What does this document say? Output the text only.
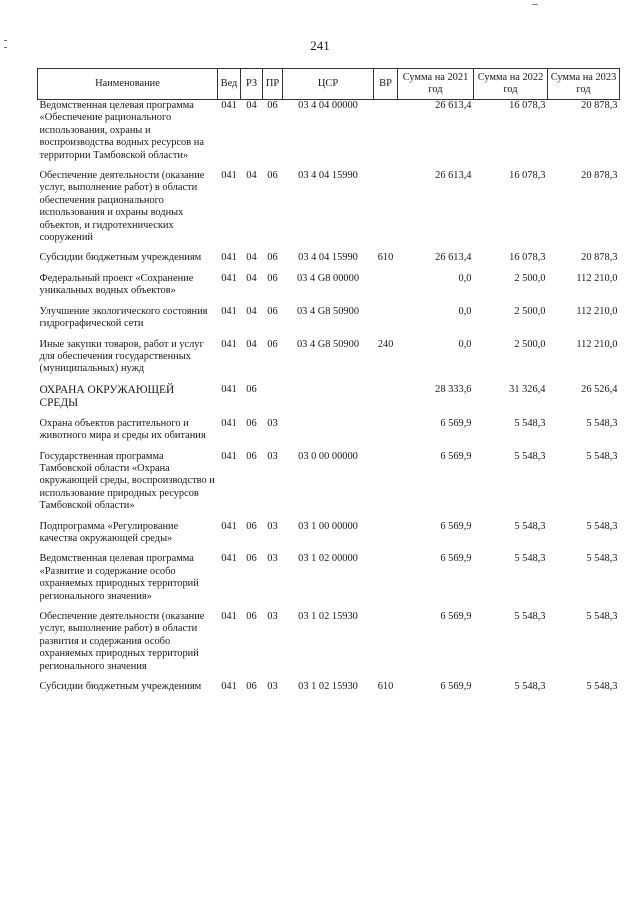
241
Наименование	Вед	РЗ	ПР	ЦСР	ВР	Сумма на 2021 год	Сумма на 2022 год	Сумма на 2023 год
Ведомственная целевая программа «Обеспечение рационального использования, охраны и воспроизводства водных ресурсов на территории Тамбовской области»	041	04	06	03 4 04 00000		26 613,4	16 078,3	20 878,3
Обеспечение деятельности (оказание услуг, выполнение работ) в области обеспечения рационального использования и охраны водных объектов, и гидротехнических сооружений	041	04	06	03 4 04 15990		26 613,4	16 078,3	20 878,3
Субсидии бюджетным учреждениям	041	04	06	03 4 04 15990	610	26 613,4	16 078,3	20 878,3
Федеральный проект «Сохранение уникальных водных объектов»	041	04	06	03 4 G8 00000		0,0	2 500,0	112 210,0
Улучшение экологического состояния гидрографической сети	041	04	06	03 4 G8 50900		0,0	2 500,0	112 210,0
Иные закупки товаров, работ и услуг для обеспечения государственных (муниципальных) нужд	041	04	06	03 4 G8 50900	240	0,0	2 500,0	112 210,0
ОХРАНА ОКРУЖАЮЩЕЙ СРЕДЫ	041	06				28 333,6	31 326,4	26 526,4
Охрана объектов растительного и животного мира и среды их обитания	041	06	03			6 569,9	5 548,3	5 548,3
Государственная программа Тамбовской области «Охрана окружающей среды, воспроизводство и использование природных ресурсов Тамбовской области»	041	06	03	03 0 00 00000		6 569,9	5 548,3	5 548,3
Подпрограмма «Регулирование качества окружающей среды»	041	06	03	03 1 00 00000		6 569,9	5 548,3	5 548,3
Ведомственная целевая программа «Развитие и содержание особо охраняемых природных территорий регионального значения»	041	06	03	03 1 02 00000		6 569,9	5 548,3	5 548,3
Обеспечение деятельности (оказание услуг, выполнение работ) в области развития и содержания особо охраняемых природных территорий регионального значения	041	06	03	03 1 02 15930		6 569,9	5 548,3	5 548,3
Субсидии бюджетным учреждениям	041	06	03	03 1 02 15930	610	6 569,9	5 548,3	5 548,3
